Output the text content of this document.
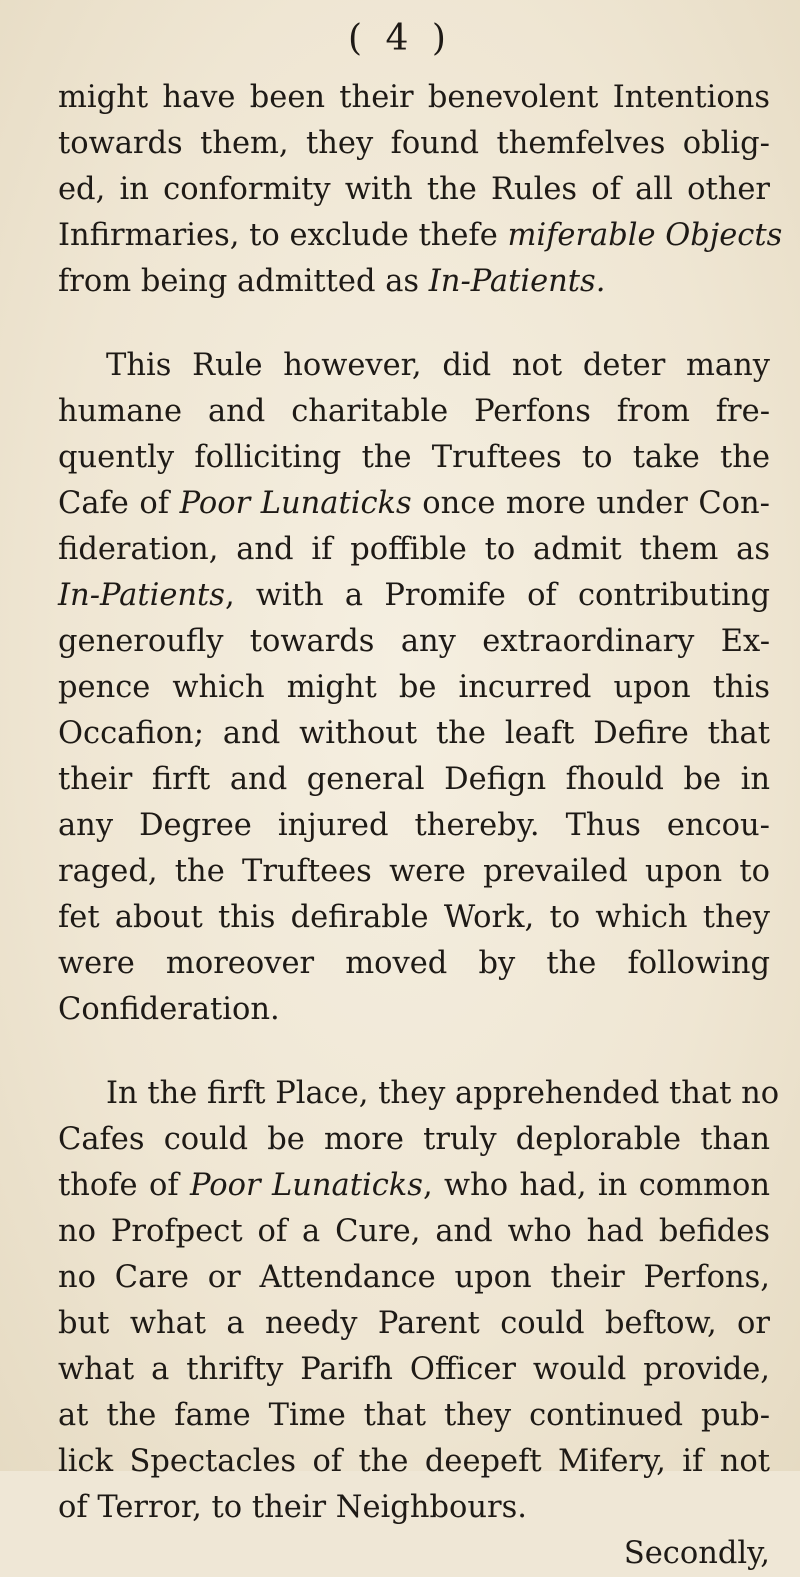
( 4 )
might have been their benevolent Intentions
towards them, they found themfelves oblig-
ed, in conformity with the Rules of all other
Infirmaries, to exclude thefe miferable Objects
from being admitted as In-Patients.
This Rule however, did not deter many
humane and charitable Perfons from fre-
quently folliciting the Truftees to take the
Cafe of Poor Lunaticks once more under Con-
fideration, and if poffible to admit them as
In-Patients, with a Promife of contributing
generoufly towards any extraordinary Ex-
pence which might be incurred upon this
Occafion; and without the leaft Defire that
their firft and general Defign fhould be in
any Degree injured thereby. Thus encou-
raged, the Truftees were prevailed upon to
fet about this defirable Work, to which they
were moreover moved by the following
Confideration.
In the firft Place, they apprehended that no
Cafes could be more truly deplorable than
thofe of Poor Lunaticks, who had, in common
no Profpect of a Cure, and who had befides
no Care or Attendance upon their Perfons,
but what a needy Parent could beftow, or
what a thrifty Parifh Officer would provide,
at the fame Time that they continued pub-
lick Spectacles of the deepeft Mifery, if not
of Terror, to their Neighbours.
Secondly,
